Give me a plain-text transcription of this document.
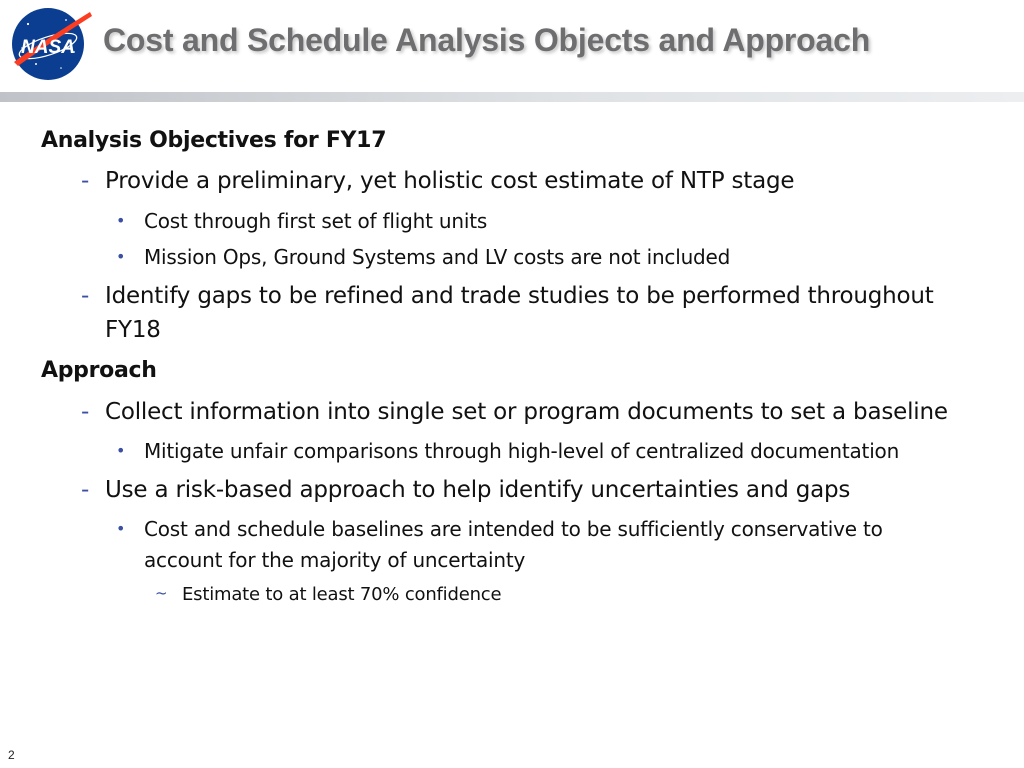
NASA Cost and Schedule Analysis Objects and Approach
Analysis Objectives for FY17
- Provide a preliminary, yet holistic cost estimate of NTP stage
• Cost through first set of flight units
• Mission Ops, Ground Systems and LV costs are not included
- Identify gaps to be refined and trade studies to be performed throughout
FY18
Approach
- Collect information into single set or program documents to set a baseline
• Mitigate unfair comparisons through high-level of centralized documentation
- Use a risk-based approach to help identify uncertainties and gaps
• Cost and schedule baselines are intended to be sufficiently conservative to
account for the majority of uncertainty
~ Estimate to at least 70% confidence
2
